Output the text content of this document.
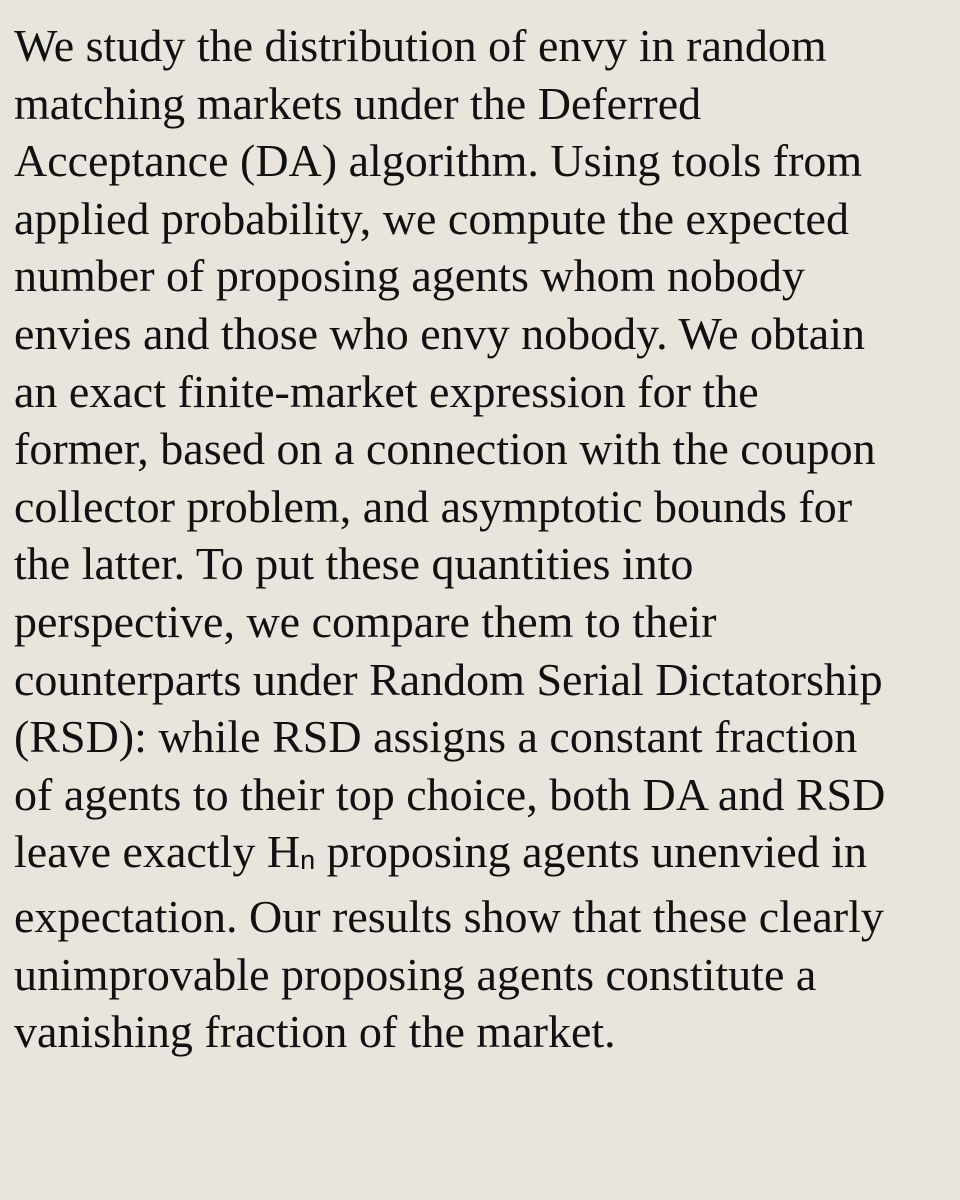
We study the distribution of envy in random
matching markets under the Deferred
Acceptance (DA) algorithm. Using tools from
applied probability, we compute the expected
number of proposing agents whom nobody
envies and those who envy nobody. We obtain
an exact finite-market expression for the
former, based on a connection with the coupon
collector problem, and asymptotic bounds for
the latter. To put these quantities into
perspective, we compare them to their
counterparts under Random Serial Dictatorship
(RSD): while RSD assigns a constant fraction
of agents to their top choice, both DA and RSD
leave exactly Hn proposing agents unenvied in
expectation. Our results show that these clearly
unimprovable proposing agents constitute a
vanishing fraction of the market.
